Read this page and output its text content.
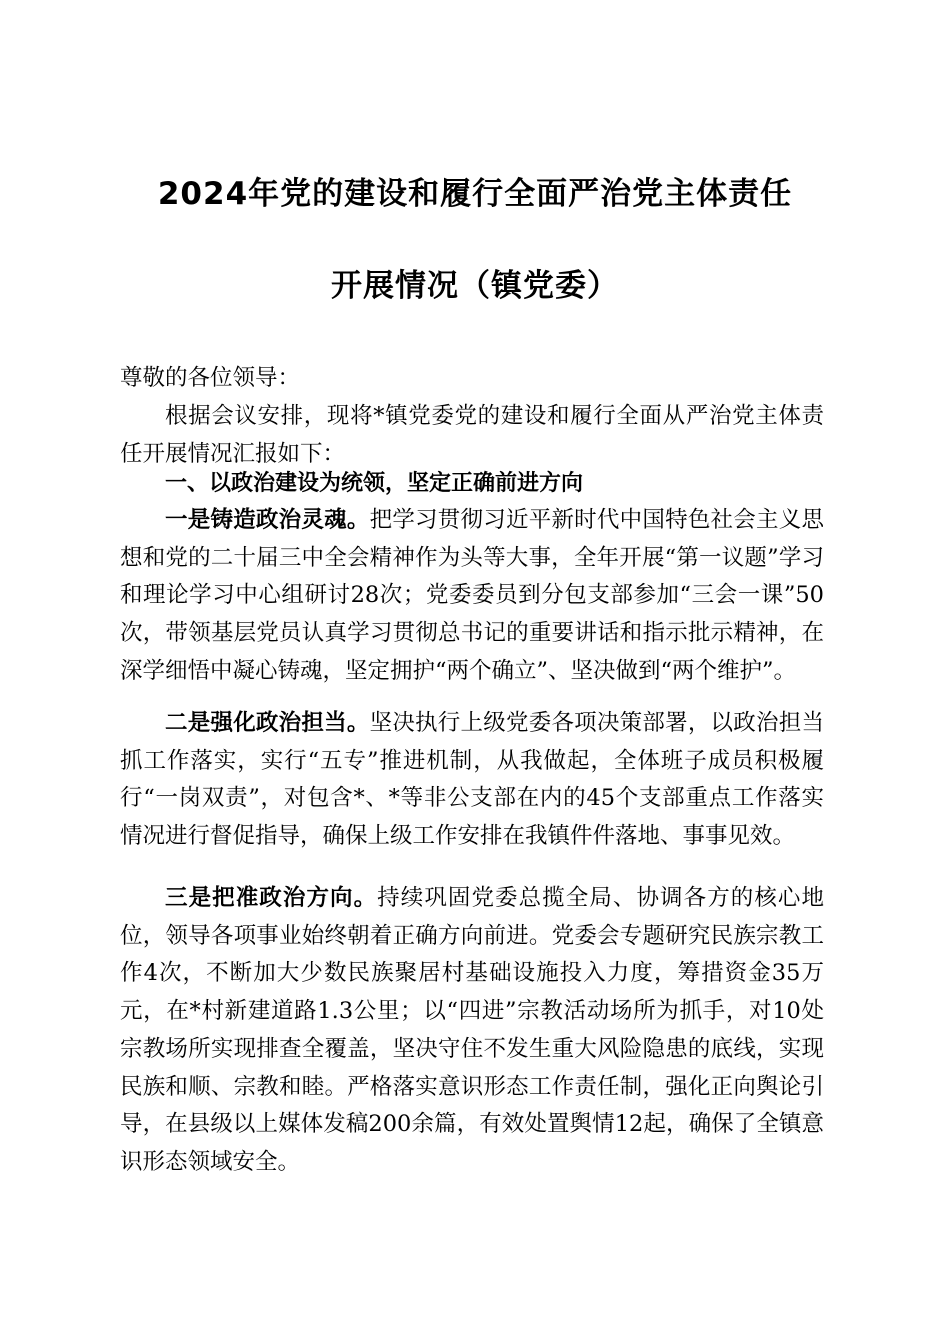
2024年党的建设和履行全面严治党主体责任
开展情况（镇党委）
尊敬的各位领导：
根据会议安排，现将*镇党委党的建设和履行全面从严治党主体责任开展情况汇报如下：
一、以政治建设为统领，坚定正确前进方向
一是铸造政治灵魂。把学习贯彻习近平新时代中国特色社会主义思想和党的二十届三中全会精神作为头等大事，全年开展“第一议题”学习和理论学习中心组研讨28次；党委委员到分包支部参加“三会一课”50次，带领基层党员认真学习贯彻总书记的重要讲话和指示批示精神，在深学细悟中凝心铸魂，坚定拥护“两个确立”、坚决做到“两个维护”。
二是强化政治担当。坚决执行上级党委各项决策部署，以政治担当抓工作落实，实行“五专”推进机制，从我做起，全体班子成员积极履行“一岗双责”，对包含*、*等非公支部在内的45个支部重点工作落实情况进行督促指导，确保上级工作安排在我镇件件落地、事事见效。
三是把准政治方向。持续巩固党委总揽全局、协调各方的核心地位，领导各项事业始终朝着正确方向前进。党委会专题研究民族宗教工作4次，不断加大少数民族聚居村基础设施投入力度，筹措资金35万元，在*村新建道路1.3公里；以“四进”宗教活动场所为抓手，对10处宗教场所实现排查全覆盖，坚决守住不发生重大风险隐患的底线，实现民族和顺、宗教和睦。严格落实意识形态工作责任制，强化正向舆论引导，在县级以上媒体发稿200余篇，有效处置舆情12起，确保了全镇意识形态领域安全。
